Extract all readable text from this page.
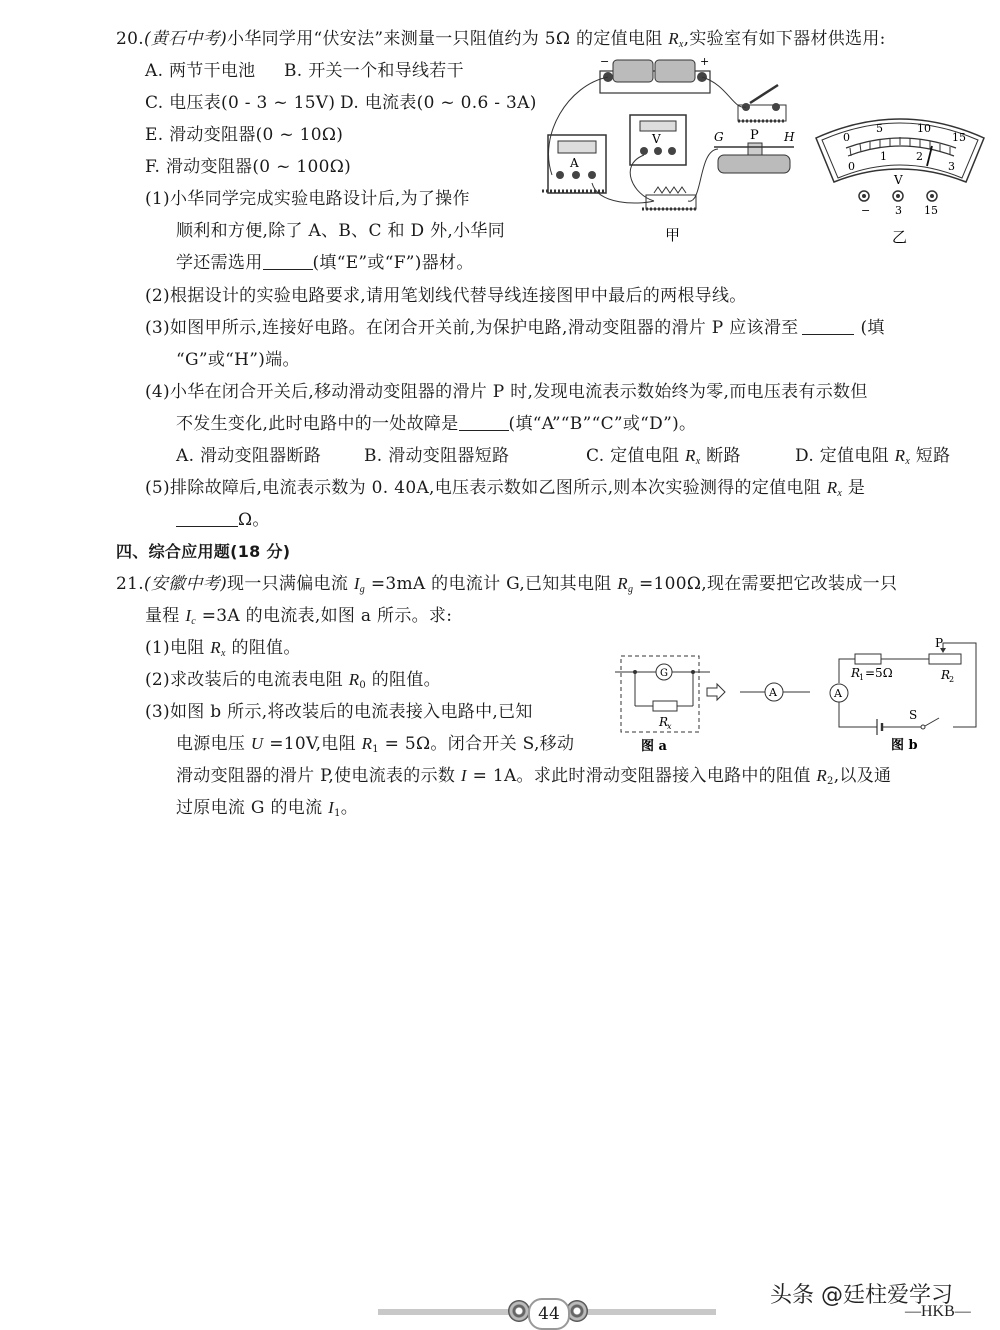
20.(黄石中考)小华同学用“伏安法”来测量一只阻值约为 5Ω 的定值电阻 $R_x$,实验室有如下器材供选用:
A. 两节干电池 B. 开关一个和导线若干
C. 电压表(0 - 3 ~ 15V) D. 电流表(0 ~ 0.6 - 3A)
E. 滑动变阻器(0 ~ 10Ω)
F. 滑动变阻器(0 ~ 100Ω)
(1)小华同学完成实验电路设计后,为了操作
顺利和方便,除了 A、B、C 和 D 外,小华同
学还需选用	(填“E”或“F”)器材。
(2)根据设计的实验电路要求,请用笔划线代替导线连接图甲中最后的两根导线。
(3)如图甲所示,连接好电路。在闭合开关前,为保护电路,滑动变阻器的滑片 P 应该滑至	(填
“G”或“H”)端。
(4)小华在闭合开关后,移动滑动变阻器的滑片 P 时,发现电流表示数始终为零,而电压表有示数但
不发生变化,此时电路中的一处故障是	(填“A”“B”“C”或“D”)。
A. 滑动变阻器断路	B. 滑动变阻器短路	C. 定值电阻 $R_x$ 断路	D. 定值电阻 $R_x$ 短路
(5)排除故障后,电流表示数为 0. 40A,电压表示数如乙图所示,则本次实验测得的定值电阻 $R_x$ 是
Ω。
−	+
A
V	G P H
甲
0
5	10
15
0
1	2
3
V
− 3 15
乙
四、综合应用题(18 分)
21.(安徽中考)现一只满偏电流 $I_g =3mA$ 的电流计 G,已知其电阻 $R_g =100\Omega$,现在需要把它改装成一只
量程 $I_c =3A$ 的电流表,如图 a 所示。求:
(1)电阻 $R_x$ 的阻值。
(2)求改装后的电流表电阻 $R_0$ 的阻值。
(3)如图 b 所示,将改装后的电流表接入电路中,已知
电源电压 U =10V,电阻 $R_1 = 5\Omega$。闭合开关 S,移动
滑动变阻器的滑片 P,使电流表的示数 I = 1A。求此时滑动变阻器接入电路中的阻值 $R_2$,以及通
过原电流 G 的电流 $I_1$。
G
R
x
图 a
A
P
R
1 =5Ω	R
2
A
S
图 b
44
头条 @廷柱爱学习
—HKB—
